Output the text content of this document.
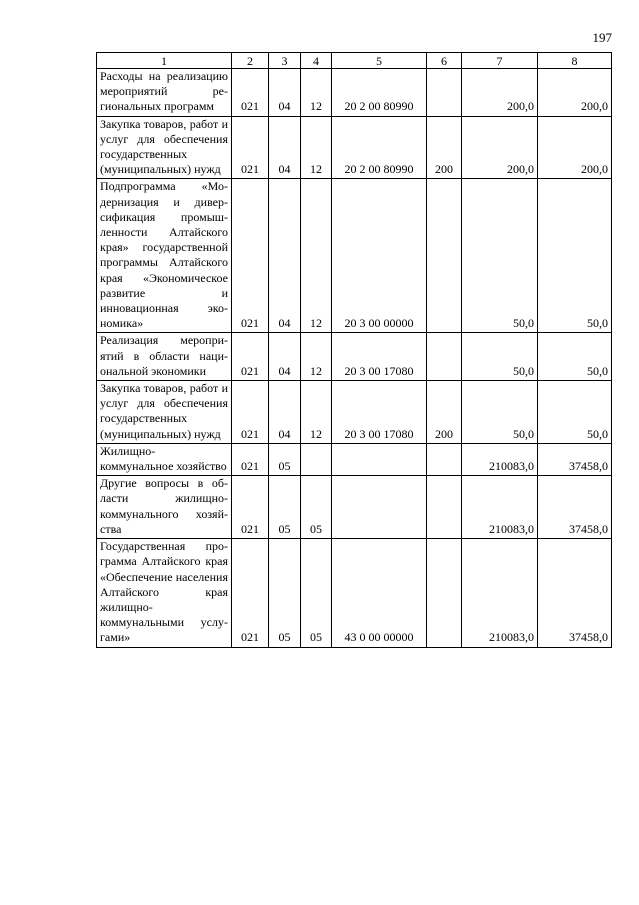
197
1	2	3	4	5	6	7	8
Расходы на реализацию мероприятий региональных программ	021	04	12	20 2 00 80990		200,0	200,0
Закупка товаров, работ и услуг для обеспечения государственных (муниципальных) нужд	021	04	12	20 2 00 80990	200	200,0	200,0
Подпрограмма «Модернизация и диверсификация промышленности Алтайского края» государственной программы Алтайского края «Экономическое развитие и инновационная экономика»	021	04	12	20 3 00 00000		50,0	50,0
Реализация мероприятий в области национальной экономики	021	04	12	20 3 00 17080		50,0	50,0
Закупка товаров, работ и услуг для обеспечения государственных (муниципальных) нужд	021	04	12	20 3 00 17080	200	50,0	50,0
Жилищно-коммунальное хозяйство	021	05				210083,0	37458,0
Другие вопросы в области жилищно-коммунального хозяйства	021	05	05			210083,0	37458,0
Государственная программа Алтайского края «Обеспечение населения Алтайского края жилищно-коммунальными услугами»	021	05	05	43 0 00 00000		210083,0	37458,0
